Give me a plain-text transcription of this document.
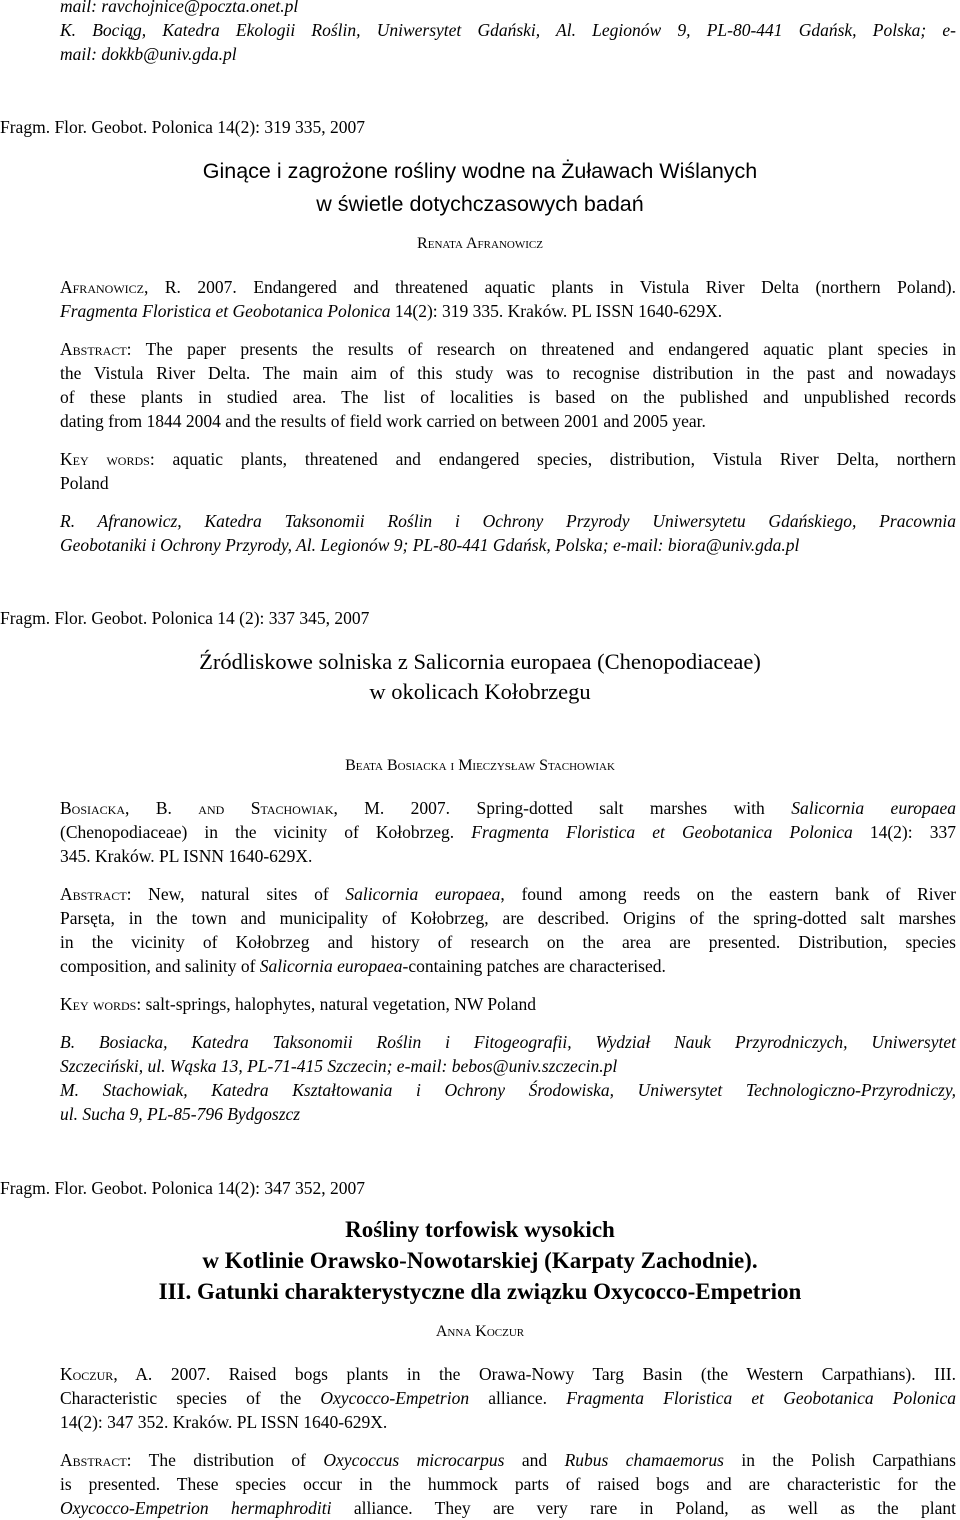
mail: ravchojnice@poczta.onet.pl
K. Bocią̨g, Katedra Ekologii Roślin, Uniwersytet Gdański, Al. Legionów 9, PL-80-441 Gdańsk, Polska; e-
mail: dokkb@univ.gda.pl
Fragm. Flor. Geobot. Polonica 14(2): 319 335, 2007
Ginące i zagrożone rośliny wodne na Żuławach Wiślanych
w świetle dotychczasowych badań
Renata Afranowicz
Afranowicz, R. 2007. Endangered and threatened aquatic plants in Vistula River Delta (northern Poland).
Fragmenta Floristica et Geobotanica Polonica 14(2): 319 335. Kraków. PL ISSN 1640-629X.
Abstract: The paper presents the results of research on threatened and endangered aquatic plant species in
the Vistula River Delta. The main aim of this study was to recognise distribution in the past and nowadays
of these plants in studied area. The list of localities is based on the published and unpublished records
dating from 1844 2004 and the results of field work carried on between 2001 and 2005 year.
Key words: aquatic plants, threatened and endangered species, distribution, Vistula River Delta, northern
Poland
R. Afranowicz, Katedra Taksonomii Roślin i Ochrony Przyrody Uniwersytetu Gdańskiego, Pracownia
Geobotaniki i Ochrony Przyrody, Al. Legionów 9; PL-80-441 Gdańsk, Polska; e-mail: biora@univ.gda.pl
Fragm. Flor. Geobot. Polonica 14 (2): 337 345, 2007
Źródliskowe solniska z Salicornia europaea (Chenopodiaceae)
w okolicach Kołobrzegu
Beata Bosiacka i Mieczysław Stachowiak
Bosiacka, B. and Stachowiak, M. 2007. Spring-dotted salt marshes with Salicornia europaea
(Chenopodiaceae) in the vicinity of Kołobrzeg. Fragmenta Floristica et Geobotanica Polonica 14(2): 337
345. Kraków. PL ISNN 1640-629X.
Abstract: New, natural sites of Salicornia europaea, found among reeds on the eastern bank of River
Parsęta, in the town and municipality of Kołobrzeg, are described. Origins of the spring-dotted salt marshes
in the vicinity of Kołobrzeg and history of research on the area are presented. Distribution, species
composition, and salinity of Salicornia europaea-containing patches are characterised.
Key words: salt-springs, halophytes, natural vegetation, NW Poland
B. Bosiacka, Katedra Taksonomii Roślin i Fitogeografii, Wydział Nauk Przyrodniczych, Uniwersytet
Szczeciński, ul. Wąska 13, PL-71-415 Szczecin; e-mail: bebos@univ.szczecin.pl
M. Stachowiak, Katedra Kształtowania i Ochrony Środowiska, Uniwersytet Technologiczno-Przyrodniczy,
ul. Sucha 9, PL-85-796 Bydgoszcz
Fragm. Flor. Geobot. Polonica 14(2): 347 352, 2007
Rośliny torfowisk wysokich
w Kotlinie Orawsko-Nowotarskiej (Karpaty Zachodnie).
III. Gatunki charakterystyczne dla związku Oxycocco-Empetrion
Anna Koczur
Koczur, A. 2007. Raised bogs plants in the Orawa-Nowy Targ Basin (the Western Carpathians). III.
Characteristic species of the Oxycocco-Empetrion alliance. Fragmenta Floristica et Geobotanica Polonica
14(2): 347 352. Kraków. PL ISSN 1640-629X.
Abstract: The distribution of Oxycoccus microcarpus and Rubus chamaemorus in the Polish Carpathians
is presented. These species occur in the hummock parts of raised bogs and are characteristic for the
Oxycocco-Empetrion hermaphroditi alliance. They are very rare in Poland, as well as the plant
